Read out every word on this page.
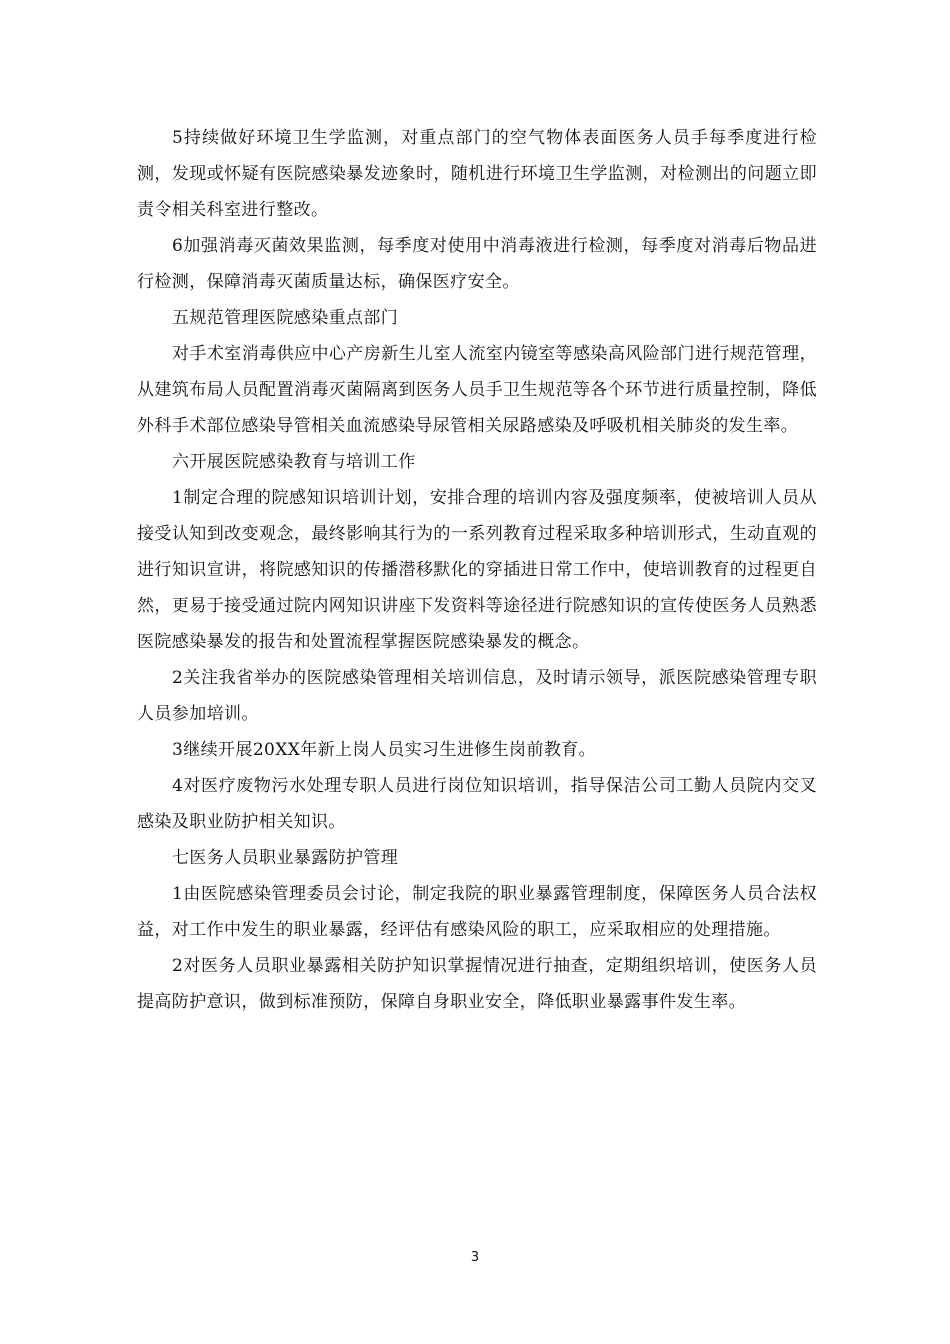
5持续做好环境卫生学监测，对重点部门的空气物体表面医务人员手每季度进行检测，发现或怀疑有医院感染暴发迹象时，随机进行环境卫生学监测，对检测出的问题立即责令相关科室进行整改。

6加强消毒灭菌效果监测，每季度对使用中消毒液进行检测，每季度对消毒后物品进行检测，保障消毒灭菌质量达标，确保医疗安全。

五规范管理医院感染重点部门

对手术室消毒供应中心产房新生儿室人流室内镜室等感染高风险部门进行规范管理，从建筑布局人员配置消毒灭菌隔离到医务人员手卫生规范等各个环节进行质量控制，降低外科手术部位感染导管相关血流感染导尿管相关尿路感染及呼吸机相关肺炎的发生率。

六开展医院感染教育与培训工作

1制定合理的院感知识培训计划，安排合理的培训内容及强度频率，使被培训人员从接受认知到改变观念，最终影响其行为的一系列教育过程采取多种培训形式，生动直观的进行知识宣讲，将院感知识的传播潜移默化的穿插进日常工作中，使培训教育的过程更自然，更易于接受通过院内网知识讲座下发资料等途径进行院感知识的宣传使医务人员熟悉医院感染暴发的报告和处置流程掌握医院感染暴发的概念。

2关注我省举办的医院感染管理相关培训信息，及时请示领导，派医院感染管理专职人员参加培训。

3继续开展20XX年新上岗人员实习生进修生岗前教育。

4对医疗废物污水处理专职人员进行岗位知识培训，指导保洁公司工勤人员院内交叉感染及职业防护相关知识。

七医务人员职业暴露防护管理

1由医院感染管理委员会讨论，制定我院的职业暴露管理制度，保障医务人员合法权益，对工作中发生的职业暴露，经评估有感染风险的职工，应采取相应的处理措施。

2对医务人员职业暴露相关防护知识掌握情况进行抽查，定期组织培训，使医务人员提高防护意识，做到标准预防，保障自身职业安全，降低职业暴露事件发生率。

3
